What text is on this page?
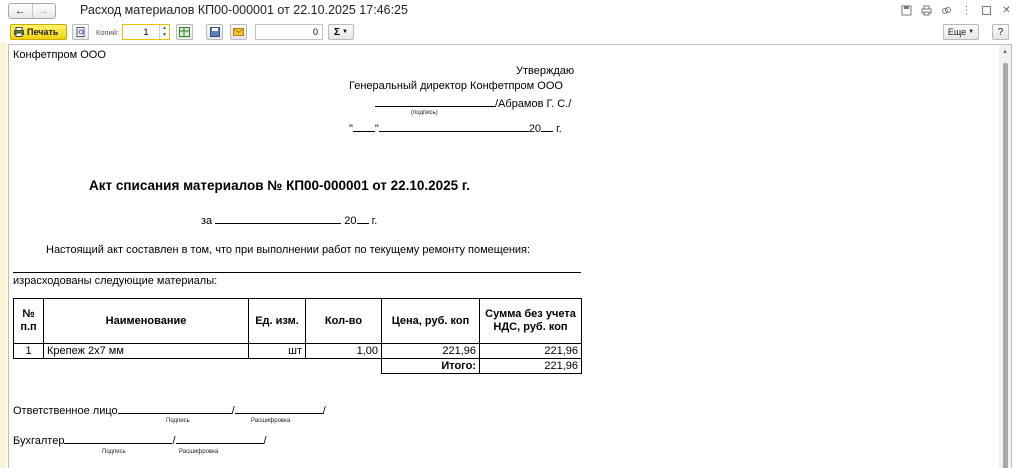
←	→	Расход материалов КП00-000001 от 22.10.2025 17:46:25	⋮	✕
Печать	Копий:	1	▲
▼	0	Σ ▼	Еще ▼	?
Конфетпром ООО
Утверждаю
Генеральный директор Конфетпром ООО
/Абрамов Г. С./
(подпись)
" "	20 г.
Акт списания материалов № КП00-000001 от 22.10.2025 г.
за	20 г.
Настоящий акт составлен в том, что при выполнении работ по текущему ремонту помещения:
израсходованы следующие материалы:
№ п.п	Наименование	Ед. изм.	Кол-во	Цена, руб. коп	Сумма без учета НДС, руб. коп
1	Крепеж 2х7 мм	шт	1,00	221,96	221,96
				Итого:	221,96
Ответственное лицо	/	/
Подпись	Расшифровка
Бухгалтер	/	/
Подпись	Расшифровка
▲
